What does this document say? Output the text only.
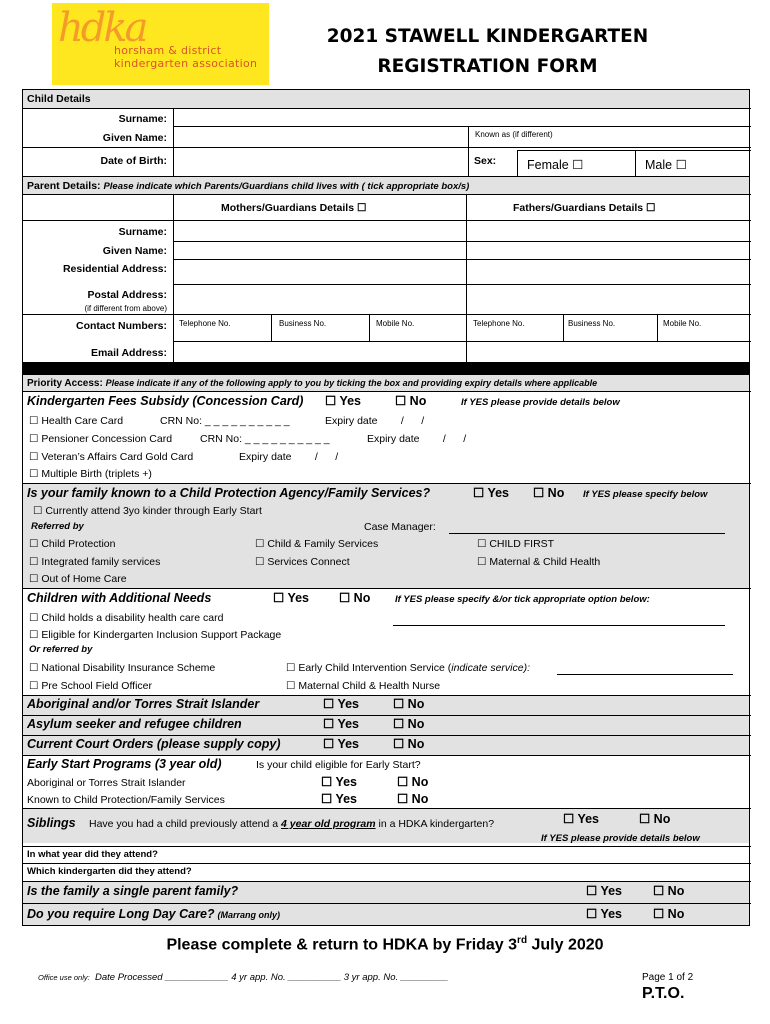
hdka
horsham & district
kindergarten association
2021 STAWELL KINDERGARTEN
REGISTRATION FORM
Child Details
Surname:
Given Name:	Known as (if different)
Date of Birth:	Sex: Female ☐	Male ☐
Parent Details: Please indicate which Parents/Guardians child lives with ( tick appropriate box/s)
Mothers/Guardians Details ☐	Fathers/Guardians Details ☐
Surname:
Given Name:
Residential Address:
Postal Address:
(if different from above)
Contact Numbers: Telephone No.	Business No.	Mobile No.	Telephone No.	Business No.	Mobile No.
Email Address:
Priority Access: Please indicate if any of the following apply to you by ticking the box and providing expiry details where applicable
Kindergarten Fees Subsidy (Concession Card) ☐ Yes	☐ No	If YES please provide details below
☐ Health Care Card	CRN No: _ _ _ _ _ _ _ _ _ _	Expiry date        /      /
☐ Pensioner Concession Card	CRN No: _ _ _ _ _ _ _ _ _ _	Expiry date        /      /
☐ Veteran’s Affairs Card Gold Card	Expiry date        /      /
☐ Multiple Birth (triplets +)
Is your family known to a Child Protection Agency/Family Services?	☐ Yes ☐ No If YES please specify below
☐ Currently attend 3yo kinder through Early Start
Referred by	Case Manager:
☐ Child Protection	☐ Child & Family Services	☐ CHILD FIRST
☐ Integrated family services	☐ Services Connect	☐ Maternal & Child Health
☐ Out of Home Care
Children with Additional Needs	☐ Yes ☐ No	If YES please specify &/or tick appropriate option below:
☐ Child holds a disability health care card
☐ Eligible for Kindergarten Inclusion Support Package
Or referred by
☐ National Disability Insurance Scheme	☐ Early Child Intervention Service (indicate service):
☐ Pre School Field Officer	☐ Maternal Child & Health Nurse
Aboriginal and/or Torres Strait Islander	☐ Yes	☐ No
Asylum seeker and refugee children	☐ Yes	☐ No
Current Court Orders (please supply copy)	☐ Yes	☐ No
Early Start Programs (3 year old)	Is your child eligible for Early Start?
Aboriginal or Torres Strait Islander	☐ Yes	☐ No
Known to Child Protection/Family Services	☐ Yes	☐ No
Siblings Have you had a child previously attend a 4 year old program in a HDKA kindergarten?	☐ Yes	☐ No
If YES please provide details below
In what year did they attend?
Which kindergarten did they attend?
Is the family a single parent family?	☐ Yes ☐ No
Do you require Long Day Care? (Marrang only)	☐ Yes ☐ No
Please complete & return to HDKA by Friday 3rd July 2020
Office use only: Date Processed ____________ 4 yr app. No. __________ 3 yr app. No. _________	Page 1 of 2
P.T.O.
